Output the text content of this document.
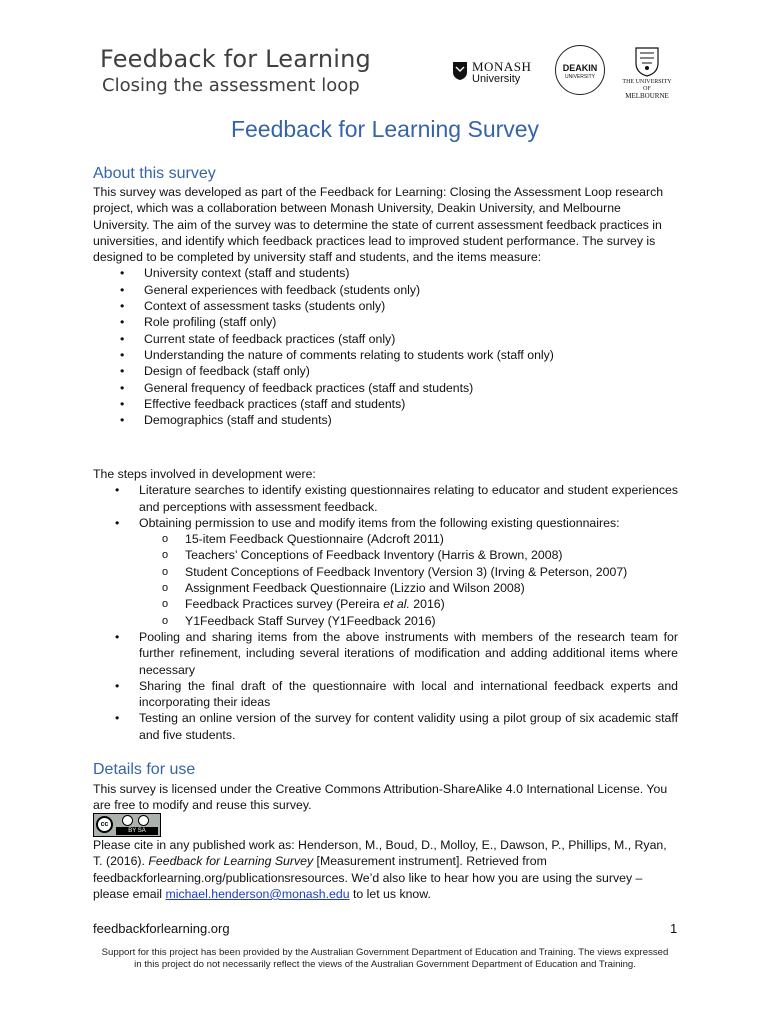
Feedback for Learning
Closing the assessment loop
MONASH
University
DEAKIN
UNIVERSITY
THE UNIVERSITY OF
MELBOURNE
Feedback for Learning Survey
About this survey
This survey was developed as part of the Feedback for Learning: Closing the Assessment Loop research project, which was a collaboration between Monash University, Deakin University, and Melbourne University. The aim of the survey was to determine the state of current assessment feedback practices in universities, and identify which feedback practices lead to improved student performance. The survey is designed to be completed by university staff and students, and the items measure:
• University context (staff and students)
• General experiences with feedback (students only)
• Context of assessment tasks (students only)
• Role profiling (staff only)
• Current state of feedback practices (staff only)
• Understanding the nature of comments relating to students work (staff only)
• Design of feedback (staff only)
• General frequency of feedback practices (staff and students)
• Effective feedback practices (staff and students)
• Demographics (staff and students)
The steps involved in development were:
• Literature searches to identify existing questionnaires relating to educator and student experiences and perceptions with assessment feedback.
• Obtaining permission to use and modify items from the following existing questionnaires:
o 15-item Feedback Questionnaire (Adcroft 2011)
o Teachers’ Conceptions of Feedback Inventory (Harris & Brown, 2008)
o Student Conceptions of Feedback Inventory (Version 3) (Irving & Peterson, 2007)
o Assignment Feedback Questionnaire (Lizzio and Wilson 2008)
o Feedback Practices survey (Pereira et al. 2016)
o Y1Feedback Staff Survey (Y1Feedback 2016)
• Pooling and sharing items from the above instruments with members of the research team for further refinement, including several iterations of modification and adding additional items where necessary
• Sharing the final draft of the questionnaire with local and international feedback experts and incorporating their ideas
• Testing an online version of the survey for content validity using a pilot group of six academic staff and five students.
Details for use
This survey is licensed under the Creative Commons Attribution-ShareAlike 4.0 International License. You are free to modify and reuse this survey.
cc
BY SA
Please cite in any published work as: Henderson, M., Boud, D., Molloy, E., Dawson, P., Phillips, M., Ryan, T. (2016). Feedback for Learning Survey [Measurement instrument]. Retrieved from feedbackforlearning.org/publicationsresources. We’d also like to hear how you are using the survey – please email michael.henderson@monash.edu to let us know.
feedbackforlearning.org	1
Support for this project has been provided by the Australian Government Department of Education and Training. The views expressed in this project do not necessarily reflect the views of the Australian Government Department of Education and Training.
